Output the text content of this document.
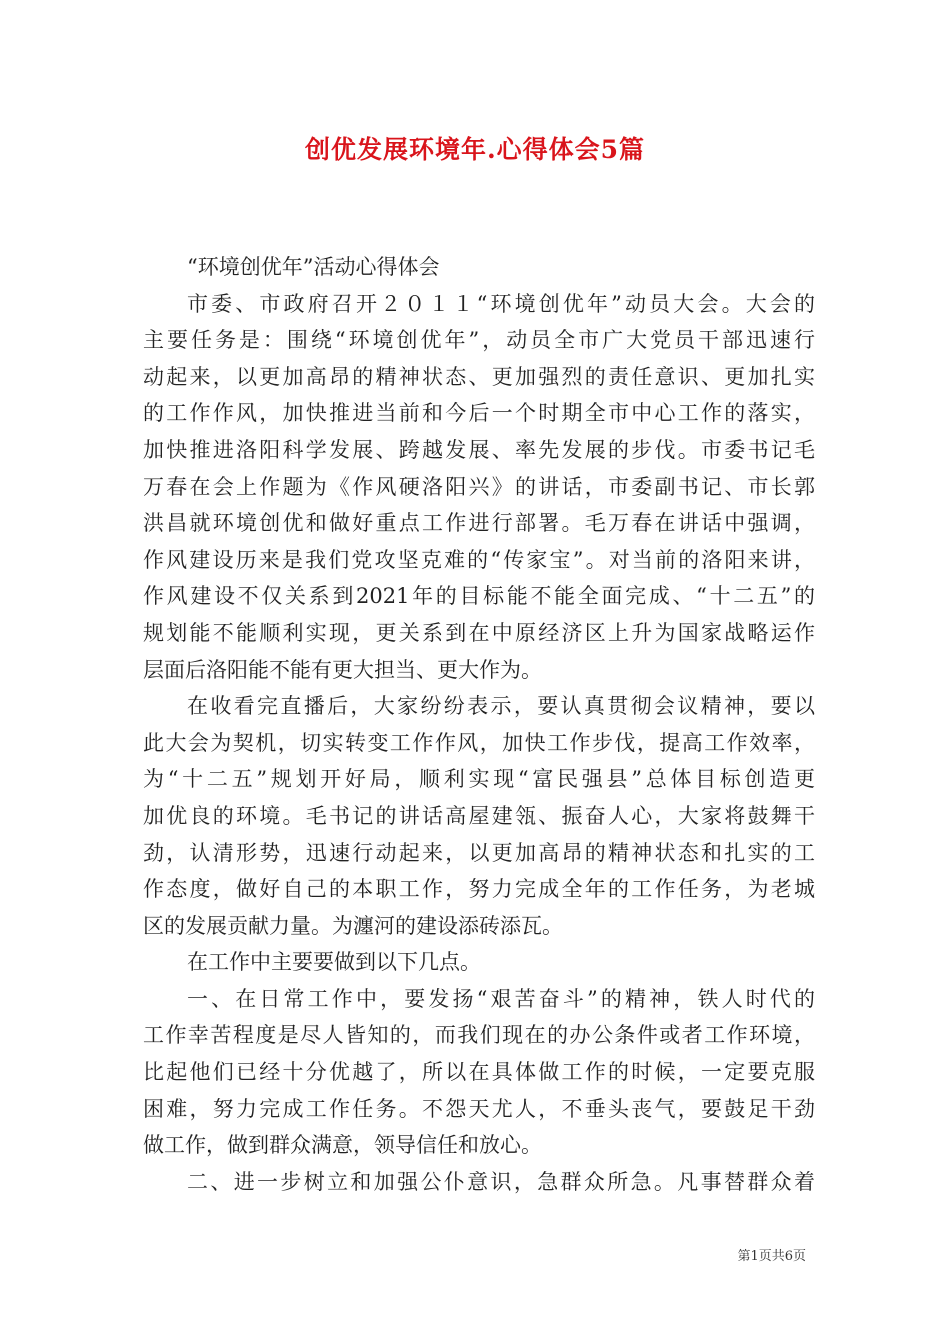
创优发展环境年.心得体会5篇
“环境创优年”活动心得体会
市委、市政府召开２０１１“环境创优年”动员大会。大会的
主要任务是：围绕“环境创优年”，动员全市广大党员干部迅速行
动起来，以更加高昂的精神状态、更加强烈的责任意识、更加扎实
的工作作风，加快推进当前和今后一个时期全市中心工作的落实，
加快推进洛阳科学发展、跨越发展、率先发展的步伐。市委书记毛
万春在会上作题为《作风硬洛阳兴》的讲话，市委副书记、市长郭
洪昌就环境创优和做好重点工作进行部署。毛万春在讲话中强调，
作风建设历来是我们党攻坚克难的“传家宝”。对当前的洛阳来讲，
作风建设不仅关系到2021年的目标能不能全面完成、“十二五”的
规划能不能顺利实现，更关系到在中原经济区上升为国家战略运作
层面后洛阳能不能有更大担当、更大作为。
在收看完直播后，大家纷纷表示，要认真贯彻会议精神，要以
此大会为契机，切实转变工作作风，加快工作步伐，提高工作效率，
为“十二五”规划开好局，顺利实现“富民强县”总体目标创造更
加优良的环境。毛书记的讲话高屋建瓴、振奋人心，大家将鼓舞干
劲，认清形势，迅速行动起来，以更加高昂的精神状态和扎实的工
作态度，做好自己的本职工作，努力完成全年的工作任务，为老城
区的发展贡献力量。为瀍河的建设添砖添瓦。
在工作中主要要做到以下几点。
一、在日常工作中，要发扬“艰苦奋斗”的精神，铁人时代的
工作幸苦程度是尽人皆知的，而我们现在的办公条件或者工作环境，
比起他们已经十分优越了，所以在具体做工作的时候，一定要克服
困难，努力完成工作任务。不怨天尤人，不垂头丧气，要鼓足干劲
做工作，做到群众满意，领导信任和放心。
二、进一步树立和加强公仆意识，急群众所急。凡事替群众着
第1页共6页
